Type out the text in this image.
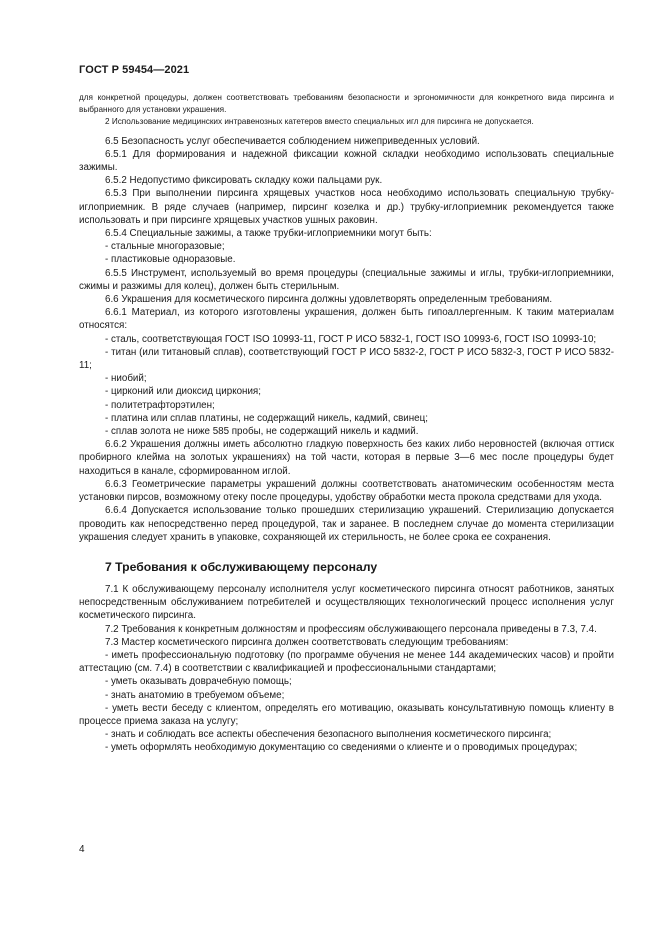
ГОСТ Р 59454—2021

для конкретной процедуры, должен соответствовать требованиям безопасности и эргономичности для конкретного вида пирсинга и выбранного для установки украшения.

2 Использование медицинских интравенозных катетеров вместо специальных игл для пирсинга не допускается.

6.5 Безопасность услуг обеспечивается соблюдением нижеприведенных условий.

6.5.1 Для формирования и надежной фиксации кожной складки необходимо использовать специальные зажимы.

6.5.2 Недопустимо фиксировать складку кожи пальцами рук.

6.5.3 При выполнении пирсинга хрящевых участков носа необходимо использовать специальную трубку-иглоприемник. В ряде случаев (например, пирсинг козелка и др.) трубку-иглоприемник рекомендуется также использовать и при пирсинге хрящевых участков ушных раковин.

6.5.4 Специальные зажимы, а также трубки-иглоприемники могут быть:

- стальные многоразовые;

- пластиковые одноразовые.

6.5.5 Инструмент, используемый во время процедуры (специальные зажимы и иглы, трубки-иглоприемники, сжимы и разжимы для колец), должен быть стерильным.

6.6 Украшения для косметического пирсинга должны удовлетворять определенным требованиям.

6.6.1 Материал, из которого изготовлены украшения, должен быть гипоаллергенным. К таким материалам относятся:

- сталь, соответствующая ГОСТ ISO 10993-11, ГОСТ Р ИСО 5832-1, ГОСТ ISO 10993-6, ГОСТ ISO 10993-10;

- титан (или титановый сплав), соответствующий ГОСТ Р ИСО 5832-2, ГОСТ Р ИСО 5832-3, ГОСТ Р ИСО 5832-11;

- ниобий;

- цирконий или диоксид циркония;

- политетрафторэтилен;

- платина или сплав платины, не содержащий никель, кадмий, свинец;

- сплав золота не ниже 585 пробы, не содержащий никель и кадмий.

6.6.2 Украшения должны иметь абсолютно гладкую поверхность без каких либо неровностей (включая оттиск пробирного клейма на золотых украшениях) на той части, которая в первые 3—6 мес после процедуры будет находиться в канале, сформированном иглой.

6.6.3 Геометрические параметры украшений должны соответствовать анатомическим особенностям места установки пирсов, возможному отеку после процедуры, удобству обработки места прокола средствами для ухода.

6.6.4 Допускается использование только прошедших стерилизацию украшений. Стерилизацию допускается проводить как непосредственно перед процедурой, так и заранее. В последнем случае до момента стерилизации украшения следует хранить в упаковке, сохраняющей их стерильность, не более срока ее сохранения.

7 Требования к обслуживающему персоналу

7.1 К обслуживающему персоналу исполнителя услуг косметического пирсинга относят работников, занятых непосредственным обслуживанием потребителей и осуществляющих технологический процесс исполнения услуг косметического пирсинга.

7.2 Требования к конкретным должностям и профессиям обслуживающего персонала приведены в 7.3, 7.4.

7.3 Мастер косметического пирсинга должен соответствовать следующим требованиям:

- иметь профессиональную подготовку (по программе обучения не менее 144 академических часов) и пройти аттестацию (см. 7.4) в соответствии с квалификацией и профессиональными стандартами;

- уметь оказывать доврачебную помощь;

- знать анатомию в требуемом объеме;

- уметь вести беседу с клиентом, определять его мотивацию, оказывать консультативную помощь клиенту в процессе приема заказа на услугу;

- знать и соблюдать все аспекты обеспечения безопасного выполнения косметического пирсинга;

- уметь оформлять необходимую документацию со сведениями о клиенте и о проводимых процедурах;

4
